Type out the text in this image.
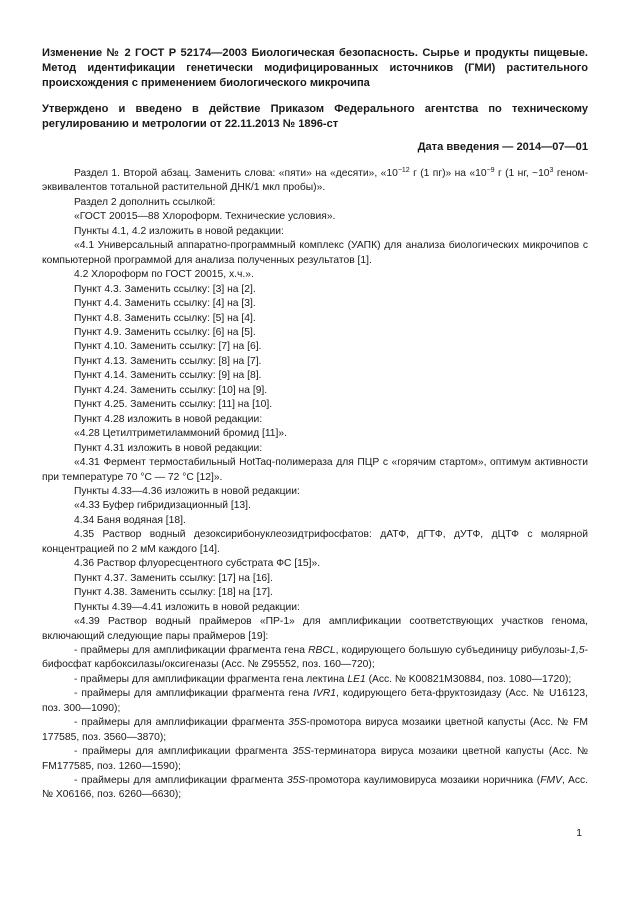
Изменение № 2 ГОСТ Р 52174—2003 Биологическая безопасность. Сырье и продукты пищевые. Метод идентификации генетически модифицированных источников (ГМИ) растительного происхождения с применением биологического микрочипа

Утверждено и введено в действие Приказом Федерального агентства по техническому регулированию и метрологии от 22.11.2013 № 1896-ст

Дата введения — 2014—07—01

Раздел 1. Второй абзац. Заменить слова: «пяти» на «десяти», «$10^{-12}$ г (1 пг)» на «$10^{-9}$ г (1 нг, $\sim 10^3$ геном-эквивалентов тотальной растительной ДНК/1 мкл пробы)».

Раздел 2 дополнить ссылкой:

«ГОСТ 20015—88 Хлороформ. Технические условия».

Пункты 4.1, 4.2 изложить в новой редакции:

«4.1 Универсальный аппаратно-программный комплекс (УАПК) для анализа биологических микрочипов с компьютерной программой для анализа полученных результатов [1].

4.2 Хлороформ по ГОСТ 20015, х.ч.».

Пункт 4.3. Заменить ссылку: [3] на [2].

Пункт 4.4. Заменить ссылку: [4] на [3].

Пункт 4.8. Заменить ссылку: [5] на [4].

Пункт 4.9. Заменить ссылку: [6] на [5].

Пункт 4.10. Заменить ссылку: [7] на [6].

Пункт 4.13. Заменить ссылку: [8] на [7].

Пункт 4.14. Заменить ссылку: [9] на [8].

Пункт 4.24. Заменить ссылку: [10] на [9].

Пункт 4.25. Заменить ссылку: [11] на [10].

Пункт 4.28 изложить в новой редакции:

«4.28 Цетилтриметиламмоний бромид [11]».

Пункт 4.31 изложить в новой редакции:

«4.31 Фермент термостабильный HotTaq-полимераза для ПЦР с «горячим стартом», оптимум активности при температуре 70 °С — 72 °С [12]».

Пункты 4.33—4.36 изложить в новой редакции:

«4.33 Буфер гибридизационный [13].

4.34 Баня водяная [18].

4.35 Раствор водный дезоксирибонуклеозидтрифосфатов: дАТФ, дГТФ, дУТФ, дЦТФ с молярной концентрацией по 2 мМ каждого [14].

4.36 Раствор флуоресцентного субстрата ФС [15]».

Пункт 4.37. Заменить ссылку: [17] на [16].

Пункт 4.38. Заменить ссылку: [18] на [17].

Пункты 4.39—4.41 изложить в новой редакции:

«4.39 Раствор водный праймеров «ПР-1» для амплификации соответствующих участков генома, включающий следующие пары праймеров [19]:

- праймеры для амплификации фрагмента гена RBCL, кодирующего большую субъединицу рибулозы-1,5-бифосфат карбоксилазы/оксигеназы (Acc. № Z95552, поз. 160—720);

- праймеры для амплификации фрагмента гена лектина LE1 (Acc. № K00821M30884, поз. 1080—1720);

- праймеры для амплификации фрагмента гена IVR1, кодирующего бета-фруктозидазу (Acc. № U16123, поз. 300—1090);

- праймеры для амплификации фрагмента 35S-промотора вируса мозаики цветной капусты (Acc. № FM 177585, поз. 3560—3870);

- праймеры для амплификации фрагмента 35S-терминатора вируса мозаики цветной капусты (Acc. № FM177585, поз. 1260—1590);

- праймеры для амплификации фрагмента 35S-промотора каулимовируса мозаики норичника (FMV, Acc. № X06166, поз. 6260—6630);

1
